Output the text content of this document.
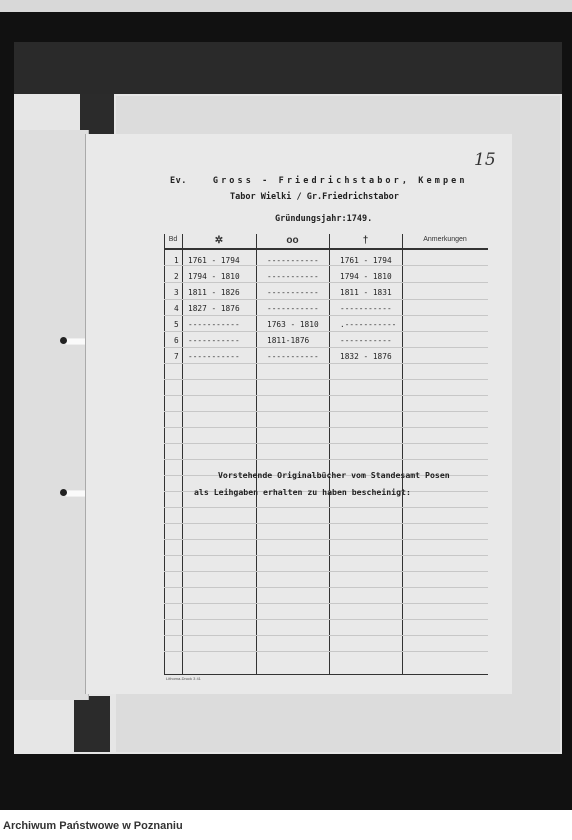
15
Ev.	Gross - Friedrichstabor, Kempen
Tabor Wielki / Gr.Friedrichstabor
Gründungsjahr:1749.
Bd	✲	oo	†	Anmerkungen
1 1761 - 1794	-----------	1761 - 1794
2 1794 - 1810	-----------	1794 - 1810
3 1811 - 1826	-----------	1811 - 1831
4 1827 - 1876	-----------	-----------
5 -----------	1763 - 1810	.-----------
6 -----------	1811-1876	-----------
7 -----------	-----------	1832 - 1876
Vorstehende Originalbücher vom Standesamt Posen
als Leihgaben erhalten zu haben bescheinigt:
Lithoma-Druck 3 41
Archiwum Państwowe w Poznaniu
